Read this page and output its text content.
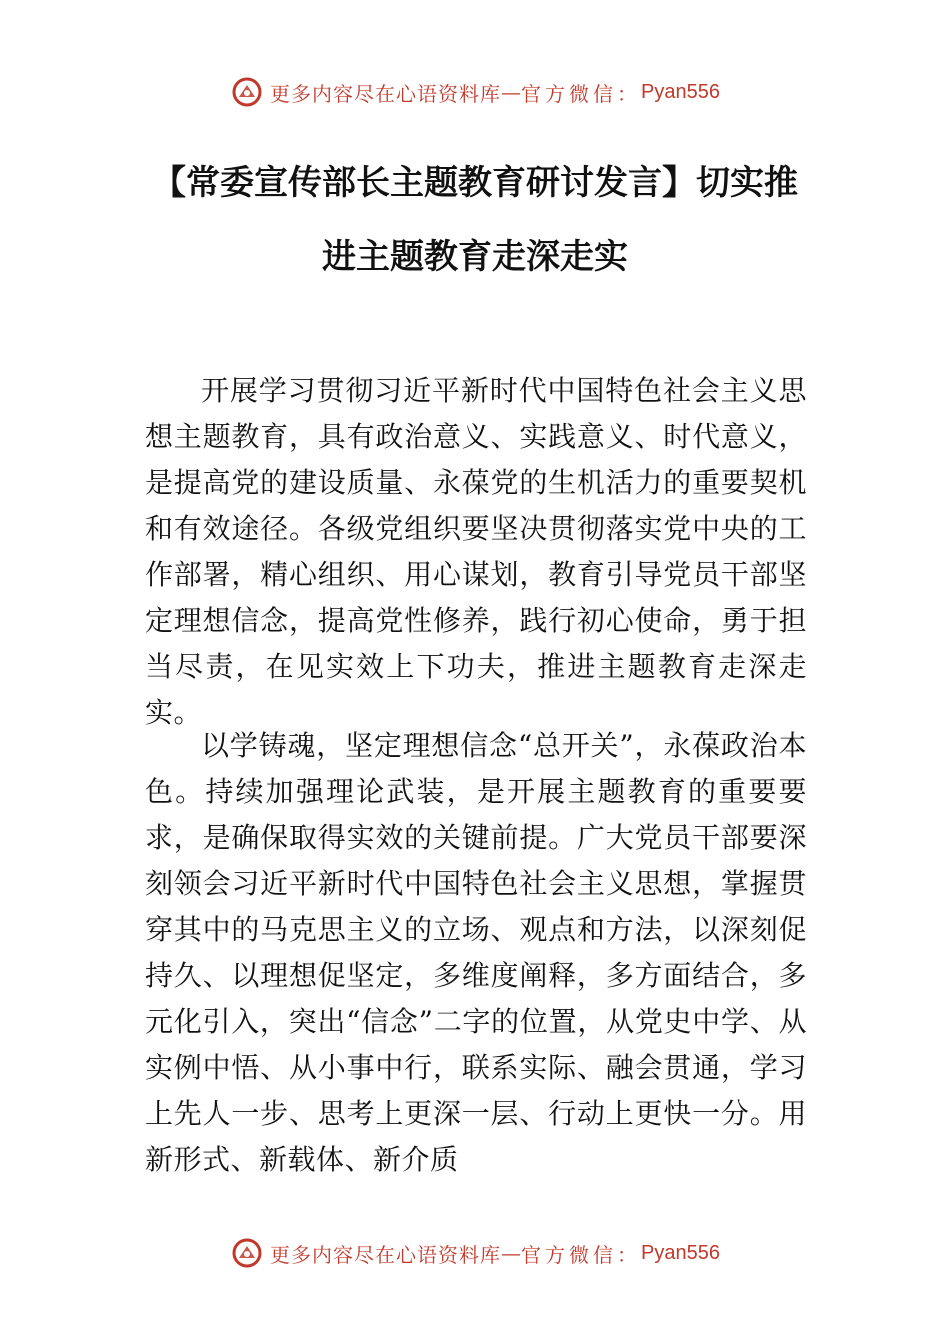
更多内容尽在心语资料库 — 官方微信： Pyan556
【常委宣传部长主题教育研讨发言】切实推进主题教育走深走实

开展学习贯彻习近平新时代中国特色社会主义思想主题教育，具有政治意义、实践意义、时代意义，是提高党的建设质量、永葆党的生机活力的重要契机和有效途径。各级党组织要坚决贯彻落实党中央的工作部署，精心组织、用心谋划，教育引导党员干部坚定理想信念，提高党性修养，践行初心使命，勇于担当尽责，在见实效上下功夫，推进主题教育走深走实。

以学铸魂，坚定理想信念“总开关”，永葆政治本色。持续加强理论武装，是开展主题教育的重要要求，是确保取得实效的关键前提。广大党员干部要深刻领会习近平新时代中国特色社会主义思想，掌握贯穿其中的马克思主义的立场、观点和方法，以深刻促持久、以理想促坚定，多维度阐释，多方面结合，多元化引入，突出“信念”二字的位置，从党史中学、从实例中悟、从小事中行，联系实际、融会贯通，学习上先人一步、思考上更深一层、行动上更快一分。用新形式、新载体、新介质

更多内容尽在心语资料库 — 官方微信： Pyan556
